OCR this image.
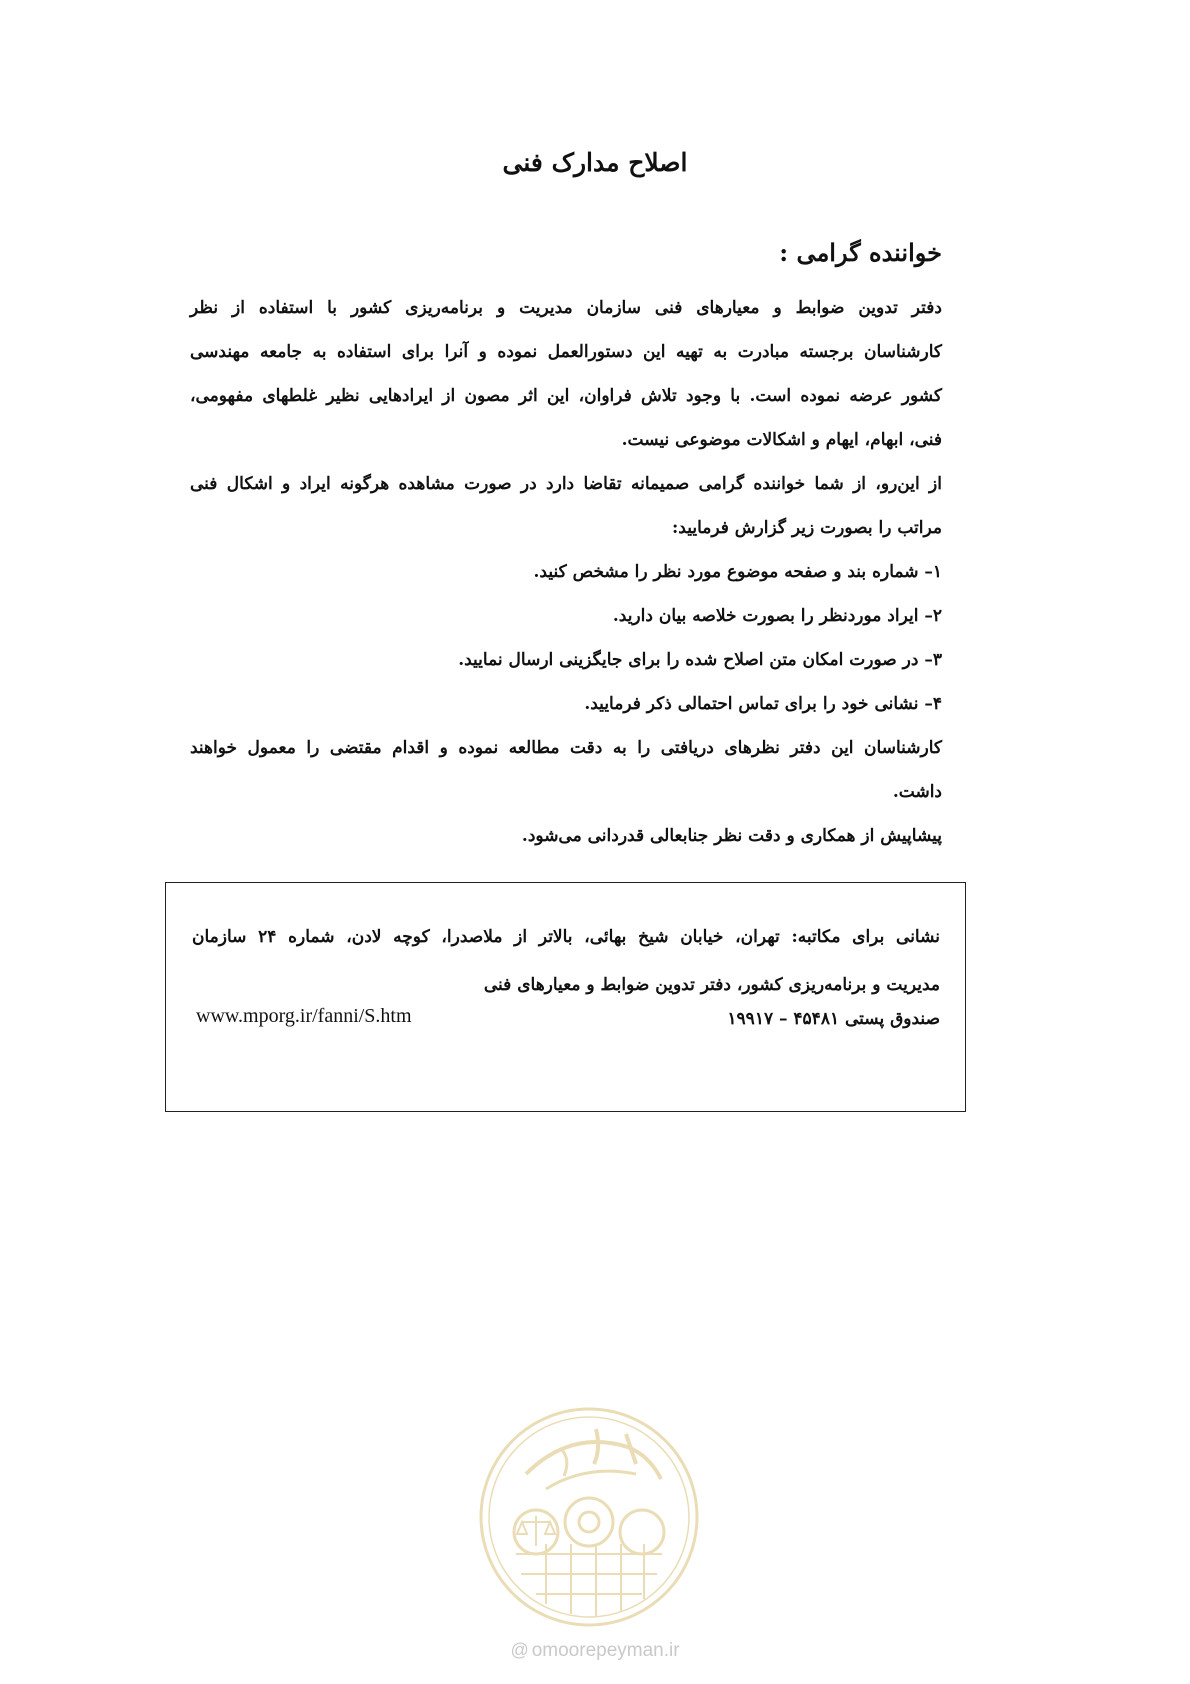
اصلاح مدارک فنی
خواننده گرامی :
دفتر تدوین ضوابط و معیارهای فنی سازمان مدیریت و برنامه‌ریزی کشور با استفاده از نظر
کارشناسان برجسته مبادرت به تهیه این دستورالعمل نموده و آنرا برای استفاده به جامعه مهندسی
کشور عرضه نموده است. با وجود تلاش فراوان، این اثر مصون از ایرادهایی نظیر غلطهای مفهومی،
فنی، ابهام، ایهام و اشکالات موضوعی نیست.
از این‌رو، از شما خواننده گرامی صمیمانه تقاضا دارد در صورت مشاهده هرگونه ایراد و اشکال فنی
مراتب را بصورت زیر گزارش فرمایید:
۱– شماره بند و صفحه موضوع مورد نظر را مشخص کنید.
۲– ایراد موردنظر را بصورت خلاصه بیان دارید.
۳– در صورت امکان متن اصلاح شده را برای جایگزینی ارسال نمایید.
۴– نشانی خود را برای تماس احتمالی ذکر فرمایید.
کارشناسان این دفتر نظرهای دریافتی را به دقت مطالعه نموده و اقدام مقتضی را معمول خواهند
داشت.
پیشاپیش از همکاری و دقت نظر جنابعالی قدردانی می‌شود.
نشانی برای مکاتبه: تهران، خیابان شیخ بهائی، بالاتر از ملاصدرا، کوچه لادن، شماره ۲۴ سازمان
مدیریت و برنامه‌ریزی کشور، دفتر تدوین ضوابط و معیارهای فنی
صندوق پستی ۴۵۴۸۱ – ۱۹۹۱۷
www.mporg.ir/fanni/S.htm
@ omoorepeyman.ir
